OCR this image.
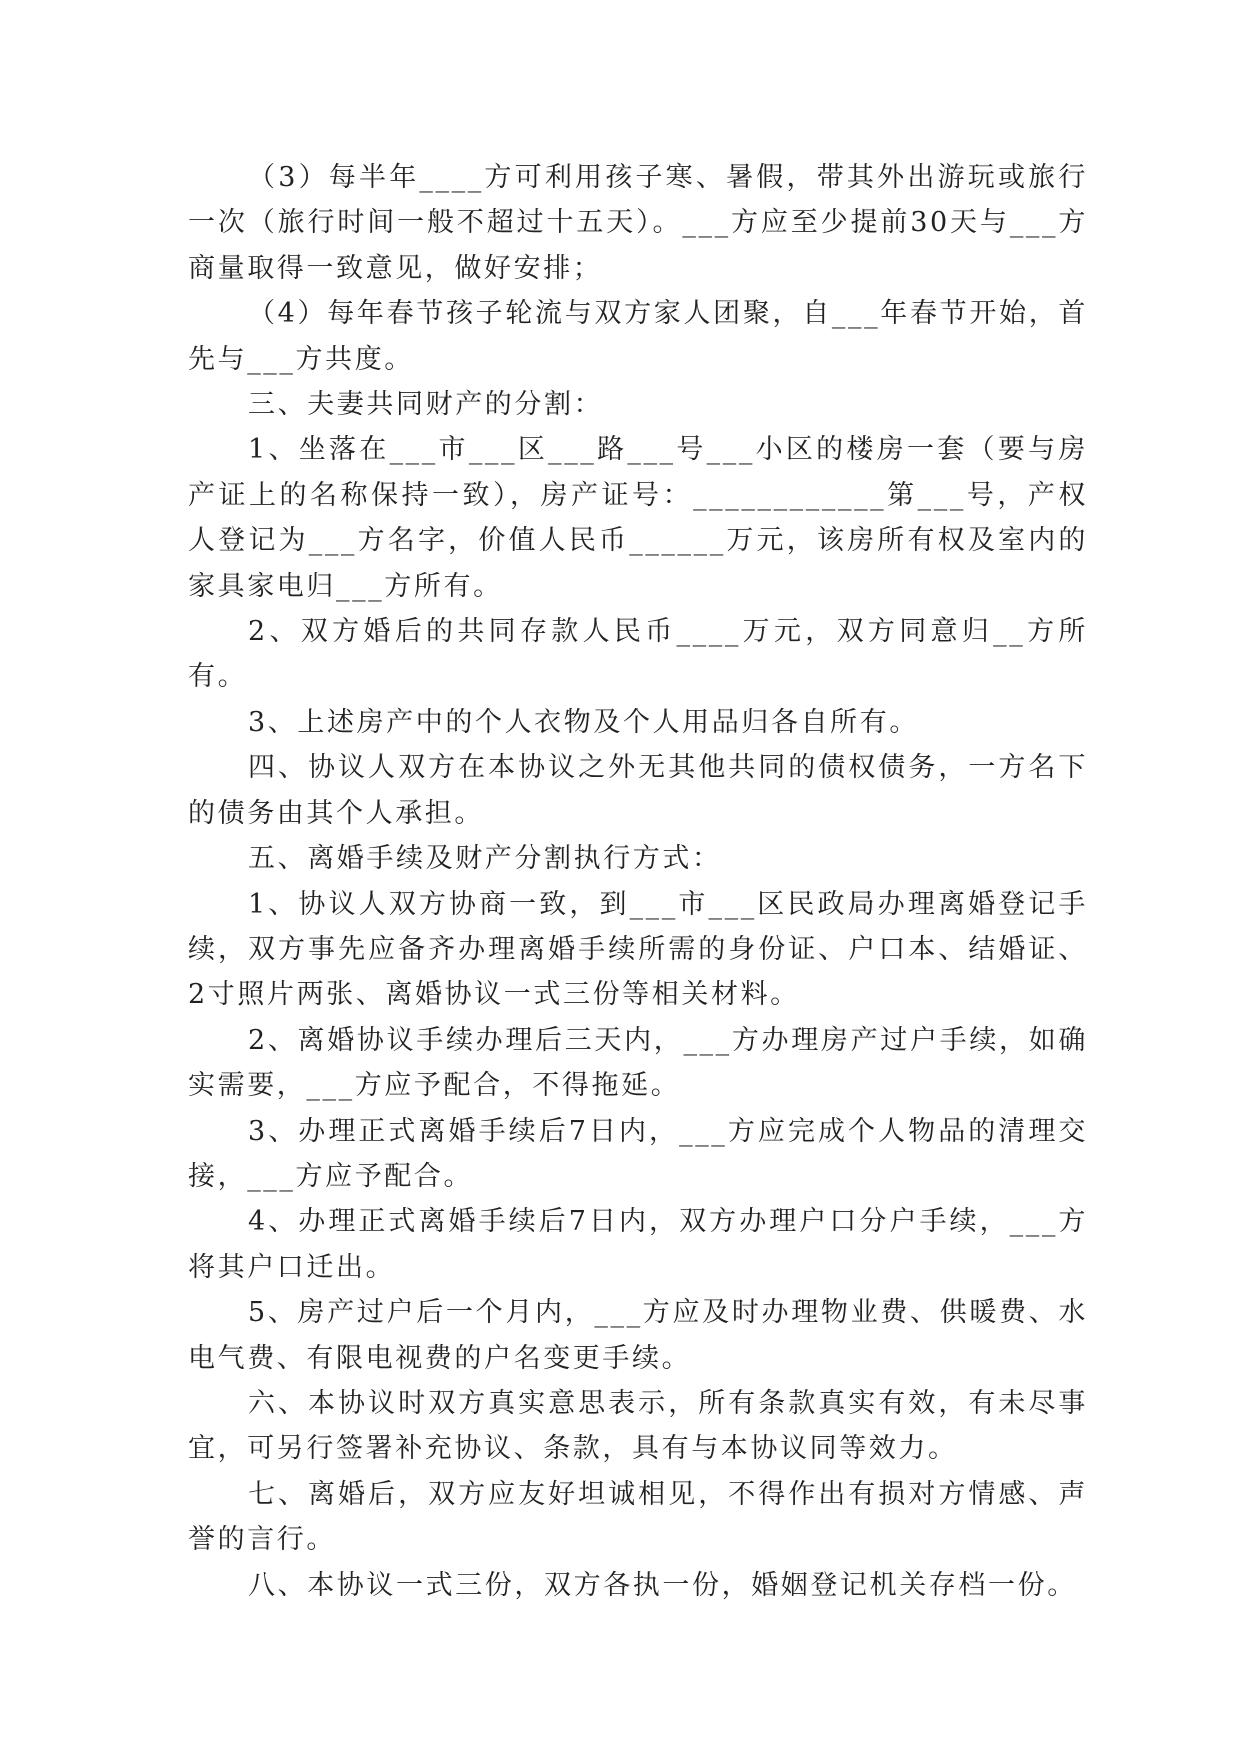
（3）每半年____方可利用孩子寒、暑假，带其外出游玩或旅行一次（旅行时间一般不超过十五天）。___方应至少提前30天与___方商量取得一致意见，做好安排；

（4）每年春节孩子轮流与双方家人团聚，自___年春节开始，首先与___方共度。

三、夫妻共同财产的分割：

1、坐落在___市___区___路___号___小区的楼房一套（要与房产证上的名称保持一致），房产证号：____________第___号，产权人登记为___方名字，价值人民币______万元，该房所有权及室内的家具家电归___方所有。

2、双方婚后的共同存款人民币____万元，双方同意归__方所有。

3、上述房产中的个人衣物及个人用品归各自所有。

四、协议人双方在本协议之外无其他共同的债权债务，一方名下的债务由其个人承担。

五、离婚手续及财产分割执行方式：

1、协议人双方协商一致，到___市___区民政局办理离婚登记手续，双方事先应备齐办理离婚手续所需的身份证、户口本、结婚证、2寸照片两张、离婚协议一式三份等相关材料。

2、离婚协议手续办理后三天内，___方办理房产过户手续，如确实需要，___方应予配合，不得拖延。

3、办理正式离婚手续后7日内，___方应完成个人物品的清理交接，___方应予配合。

4、办理正式离婚手续后7日内，双方办理户口分户手续，___方将其户口迁出。

5、房产过户后一个月内，___方应及时办理物业费、供暖费、水电气费、有限电视费的户名变更手续。

六、本协议时双方真实意思表示，所有条款真实有效，有未尽事宜，可另行签署补充协议、条款，具有与本协议同等效力。

七、离婚后，双方应友好坦诚相见，不得作出有损对方情感、声誉的言行。

八、本协议一式三份，双方各执一份，婚姻登记机关存档一份。
